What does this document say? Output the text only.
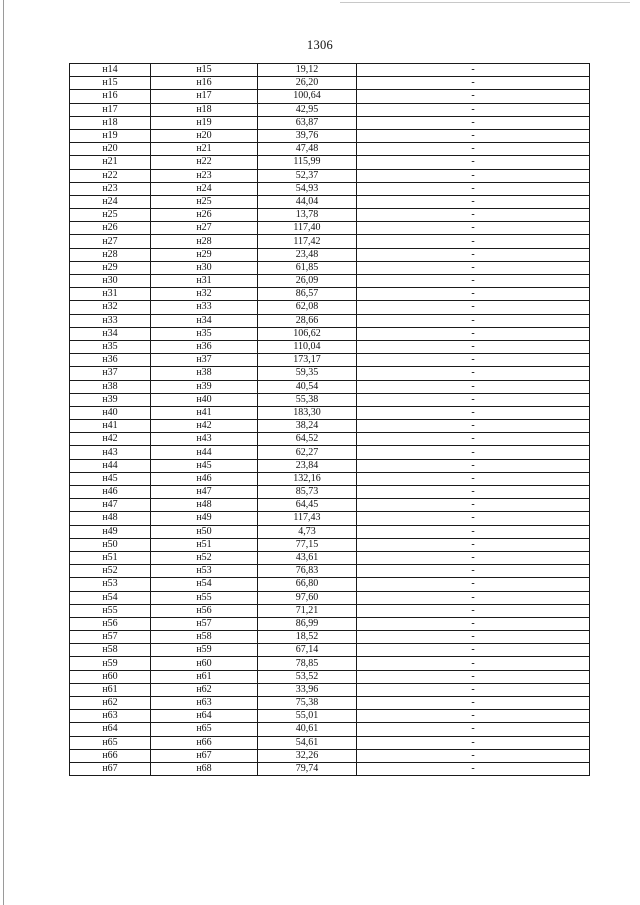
1306
н14	н15	19,12	-
н15	н16	26,20	-
н16	н17	100,64	-
н17	н18	42,95	-
н18	н19	63,87	-
н19	н20	39,76	-
н20	н21	47,48	-
н21	н22	115,99	-
н22	н23	52,37	-
н23	н24	54,93	-
н24	н25	44,04	-
н25	н26	13,78	-
н26	н27	117,40	-
н27	н28	117,42	-
н28	н29	23,48	-
н29	н30	61,85	-
н30	н31	26,09	-
н31	н32	86,57	-
н32	н33	62,08	-
н33	н34	28,66	-
н34	н35	106,62	-
н35	н36	110,04	-
н36	н37	173,17	-
н37	н38	59,35	-
н38	н39	40,54	-
н39	н40	55,38	-
н40	н41	183,30	-
н41	н42	38,24	-
н42	н43	64,52	-
н43	н44	62,27	-
н44	н45	23,84	-
н45	н46	132,16	-
н46	н47	85,73	-
н47	н48	64,45	-
н48	н49	117,43	-
н49	н50	4,73	-
н50	н51	77,15	-
н51	н52	43,61	-
н52	н53	76,83	-
н53	н54	66,80	-
н54	н55	97,60	-
н55	н56	71,21	-
н56	н57	86,99	-
н57	н58	18,52	-
н58	н59	67,14	-
н59	н60	78,85	-
н60	н61	53,52	-
н61	н62	33,96	-
н62	н63	75,38	-
н63	н64	55,01	-
н64	н65	40,61	-
н65	н66	54,61	-
н66	н67	32,26	-
н67	н68	79,74	-
